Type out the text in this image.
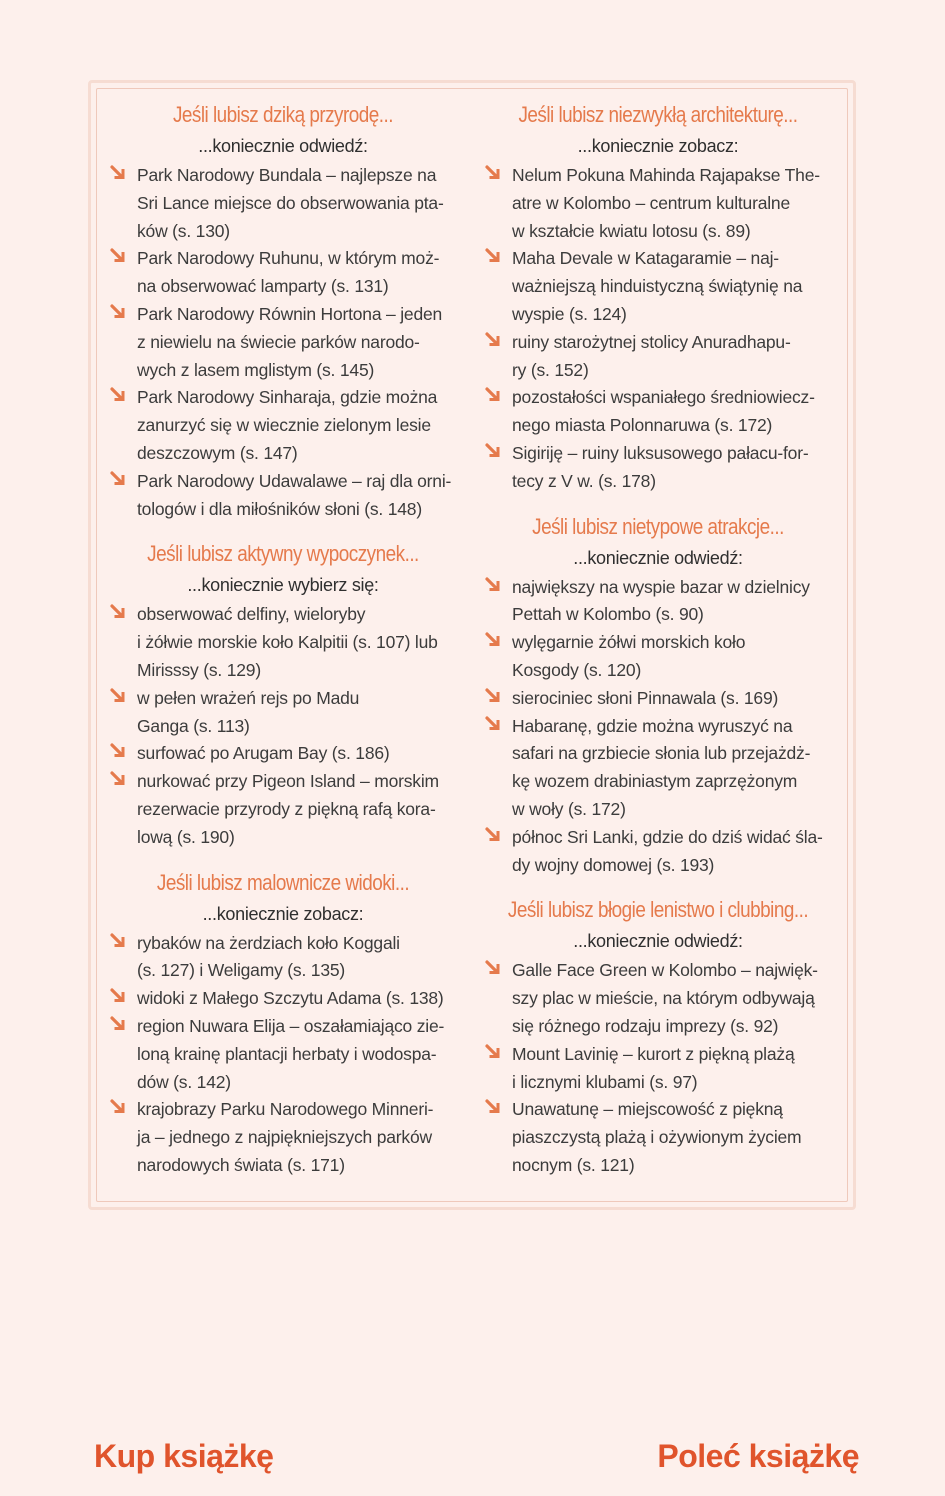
Jeśli lubisz dziką przyrodę...
...koniecznie odwiedź:
Park Narodowy Bundala – najlepsze na
Sri Lance miejsce do obserwowania pta-
ków (s. 130)
Park Narodowy Ruhunu, w którym moż-
na obserwować lamparty (s. 131)
Park Narodowy Równin Hortona – jeden
z niewielu na świecie parków narodo-
wych z lasem mglistym (s. 145)
Park Narodowy Sinharaja, gdzie można
zanurzyć się w wiecznie zielonym lesie
deszczowym (s. 147)
Park Narodowy Udawalawe – raj dla orni-
tologów i dla miłośników słoni (s. 148)
Jeśli lubisz aktywny wypoczynek...
...koniecznie wybierz się:
obserwować delfiny, wieloryby
i żółwie morskie koło Kalpitii (s. 107) lub
Mirisssy (s. 129)
w pełen wrażeń rejs po Madu
Ganga (s. 113)
surfować po Arugam Bay (s. 186)
nurkować przy Pigeon Island – morskim
rezerwacie przyrody z piękną rafą kora-
lową (s. 190)
Jeśli lubisz malownicze widoki...
...koniecznie zobacz:
rybaków na żerdziach koło Koggali
(s. 127) i Weligamy (s. 135)
widoki z Małego Szczytu Adama (s. 138)
region Nuwara Elija – oszałamiająco zie-
loną krainę plantacji herbaty i wodospa-
dów (s. 142)
krajobrazy Parku Narodowego Minneri-
ja – jednego z najpiękniejszych parków
narodowych świata (s. 171)
Jeśli lubisz niezwykłą architekturę...
...koniecznie zobacz:
Nelum Pokuna Mahinda Rajapakse The-
atre w Kolombo – centrum kulturalne
w kształcie kwiatu lotosu (s. 89)
Maha Devale w Katagaramie – naj-
ważniejszą hinduistyczną świątynię na
wyspie (s. 124)
ruiny starożytnej stolicy Anuradhapu-
ry (s. 152)
pozostałości wspaniałego średniowiecz-
nego miasta Polonnaruwa (s. 172)
Sigiriję – ruiny luksusowego pałacu-for-
tecy z V w. (s. 178)
Jeśli lubisz nietypowe atrakcje...
...koniecznie odwiedź:
największy na wyspie bazar w dzielnicy
Pettah w Kolombo (s. 90)
wylęgarnie żółwi morskich koło
Kosgody (s. 120)
sierociniec słoni Pinnawala (s. 169)
Habaranę, gdzie można wyruszyć na
safari na grzbiecie słonia lub przejażdż-
kę wozem drabiniastym zaprzężonym
w woły (s. 172)
północ Sri Lanki, gdzie do dziś widać śla-
dy wojny domowej (s. 193)
Jeśli lubisz błogie lenistwo i clubbing...
...koniecznie odwiedź:
Galle Face Green w Kolombo – najwięk-
szy plac w mieście, na którym odbywają
się różnego rodzaju imprezy (s. 92)
Mount Lavinię – kurort z piękną plażą
i licznymi klubami (s. 97)
Unawatunę – miejscowość z piękną
piaszczystą plażą i ożywionym życiem
nocnym (s. 121)
Kup książkę	Poleć książkę
